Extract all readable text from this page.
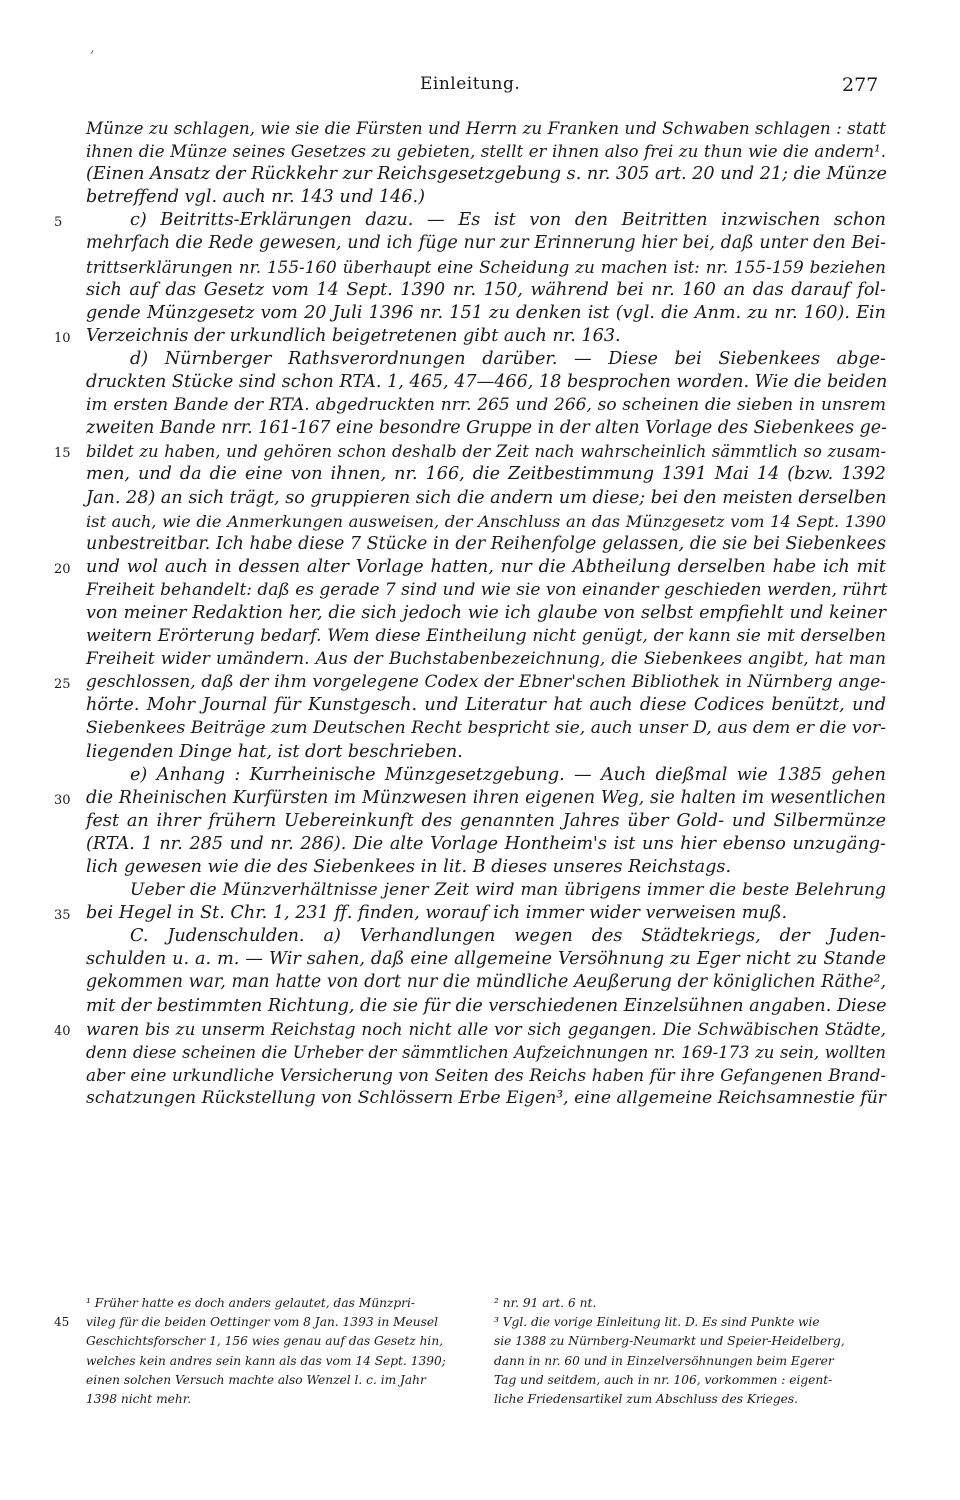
,
Einleitung.	277
Münze zu schlagen, wie sie die Fürsten und Herrn zu Franken und Schwaben schlagen : statt
ihnen die Münze seines Gesetzes zu gebieten, stellt er ihnen also frei zu thun wie die andern¹.
(Einen Ansatz der Rückkehr zur Reichsgesetzgebung s. nr. 305 art. 20 und 21; die Münze
betreffend vgl. auch nr. 143 und 146.)
5	c) Beitritts-Erklärungen dazu. — Es ist von den Beitritten inzwischen schon
mehrfach die Rede gewesen, und ich füge nur zur Erinnerung hier bei, daß unter den Bei-
trittserklärungen nr. 155-160 überhaupt eine Scheidung zu machen ist: nr. 155-159 beziehen
sich auf das Gesetz vom 14 Sept. 1390 nr. 150, während bei nr. 160 an das darauf fol-
gende Münzgesetz vom 20 Juli 1396 nr. 151 zu denken ist (vgl. die Anm. zu nr. 160). Ein
10 Verzeichnis der urkundlich beigetretenen gibt auch nr. 163.
d) Nürnberger Rathsverordnungen darüber. — Diese bei Siebenkees abge-
druckten Stücke sind schon RTA. 1, 465, 47—466, 18 besprochen worden. Wie die beiden
im ersten Bande der RTA. abgedruckten nrr. 265 und 266, so scheinen die sieben in unsrem
zweiten Bande nrr. 161-167 eine besondre Gruppe in der alten Vorlage des Siebenkees ge-
15 bildet zu haben, und gehören schon deshalb der Zeit nach wahrscheinlich sämmtlich so zusam-
men, und da die eine von ihnen, nr. 166, die Zeitbestimmung 1391 Mai 14 (bzw. 1392
Jan. 28) an sich trägt, so gruppieren sich die andern um diese; bei den meisten derselben
ist auch, wie die Anmerkungen ausweisen, der Anschluss an das Münzgesetz vom 14 Sept. 1390
unbestreitbar. Ich habe diese 7 Stücke in der Reihenfolge gelassen, die sie bei Siebenkees
20 und wol auch in dessen alter Vorlage hatten, nur die Abtheilung derselben habe ich mit
Freiheit behandelt: daß es gerade 7 sind und wie sie von einander geschieden werden, rührt
von meiner Redaktion her, die sich jedoch wie ich glaube von selbst empfiehlt und keiner
weitern Erörterung bedarf. Wem diese Eintheilung nicht genügt, der kann sie mit derselben
Freiheit wider umändern. Aus der Buchstabenbezeichnung, die Siebenkees angibt, hat man
25 geschlossen, daß der ihm vorgelegene Codex der Ebner'schen Bibliothek in Nürnberg ange-
hörte. Mohr Journal für Kunstgesch. und Literatur hat auch diese Codices benützt, und
Siebenkees Beiträge zum Deutschen Recht bespricht sie, auch unser D, aus dem er die vor-
liegenden Dinge hat, ist dort beschrieben.
e) Anhang : Kurrheinische Münzgesetzgebung. — Auch dießmal wie 1385 gehen
30 die Rheinischen Kurfürsten im Münzwesen ihren eigenen Weg, sie halten im wesentlichen
fest an ihrer frühern Uebereinkunft des genannten Jahres über Gold- und Silbermünze
(RTA. 1 nr. 285 und nr. 286). Die alte Vorlage Hontheim's ist uns hier ebenso unzugäng-
lich gewesen wie die des Siebenkees in lit. B dieses unseres Reichstags.
Ueber die Münzverhältnisse jener Zeit wird man übrigens immer die beste Belehrung
35 bei Hegel in St. Chr. 1, 231 ff. finden, worauf ich immer wider verweisen muß.
C. Judenschulden. a) Verhandlungen wegen des Städtekriegs, der Juden-
schulden u. a. m. — Wir sahen, daß eine allgemeine Versöhnung zu Eger nicht zu Stande
gekommen war, man hatte von dort nur die mündliche Aeußerung der königlichen Räthe²,
mit der bestimmten Richtung, die sie für die verschiedenen Einzelsühnen angaben. Diese
40 waren bis zu unserm Reichstag noch nicht alle vor sich gegangen. Die Schwäbischen Städte,
denn diese scheinen die Urheber der sämmtlichen Aufzeichnungen nr. 169-173 zu sein, wollten
aber eine urkundliche Versicherung von Seiten des Reichs haben für ihre Gefangenen Brand-
schatzungen Rückstellung von Schlössern Erbe Eigen³, eine allgemeine Reichsamnestie für
¹ Früher hatte es doch anders gelautet, das Münzpri-
45 vileg für die beiden Oettinger vom 8 Jan. 1393 in Meusel
Geschichtsforscher 1, 156 wies genau auf das Gesetz hin,
welches kein andres sein kann als das vom 14 Sept. 1390;
einen solchen Versuch machte also Wenzel l. c. im Jahr
1398 nicht mehr.
² nr. 91 art. 6 nt.
³ Vgl. die vorige Einleitung lit. D. Es sind Punkte wie
sie 1388 zu Nürnberg-Neumarkt und Speier-Heidelberg,
dann in nr. 60 und in Einzelversöhnungen beim Egerer
Tag und seitdem, auch in nr. 106, vorkommen : eigent-
liche Friedensartikel zum Abschluss des Krieges.
